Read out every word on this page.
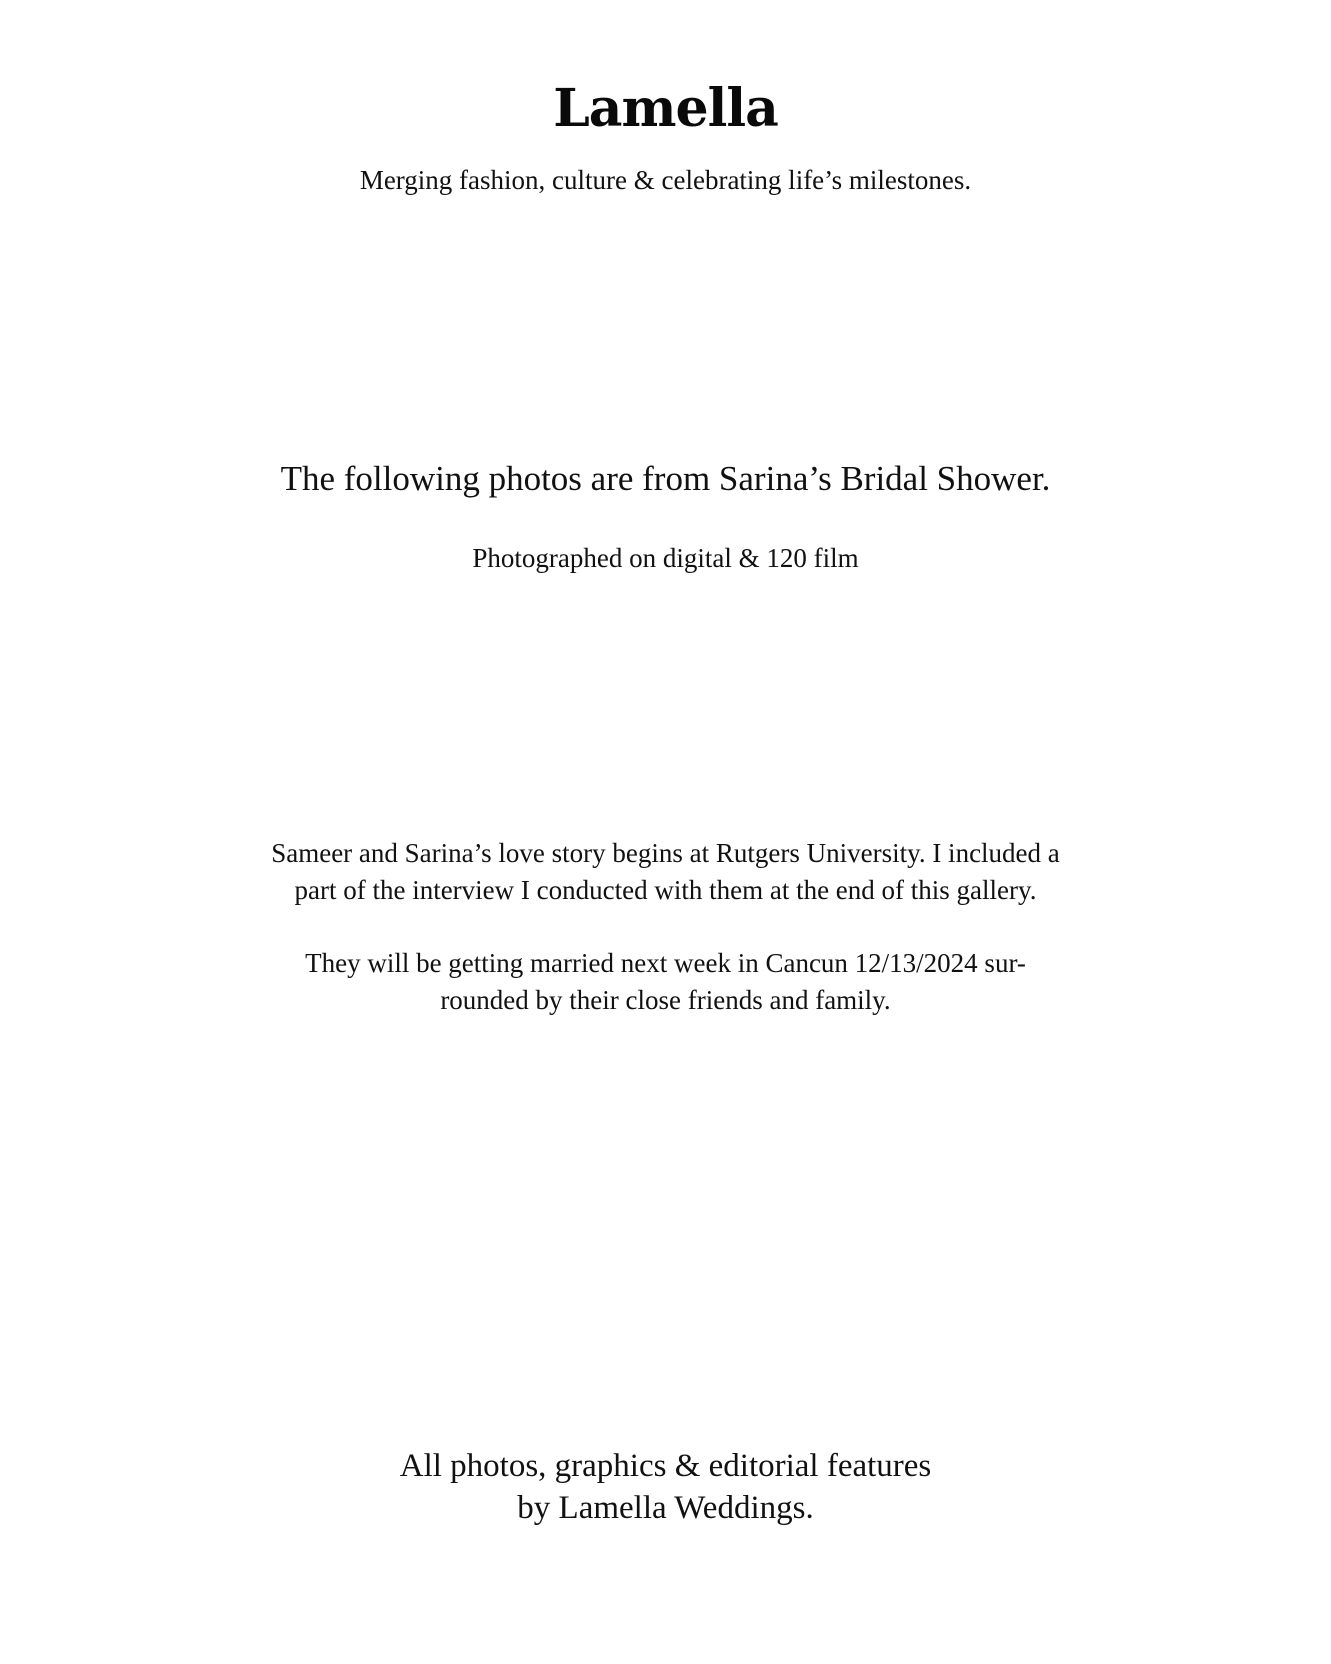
Lamella
Merging fashion, culture & celebrating life’s milestones.
The following photos are from Sarina’s Bridal Shower.
Photographed on digital & 120 film
Sameer and Sarina’s love story begins at Rutgers University. I included a
part of the interview I conducted with them at the end of this gallery.
They will be getting married next week in Cancun 12/13/2024 sur-
rounded by their close friends and family.
All photos, graphics & editorial features
by Lamella Weddings.
